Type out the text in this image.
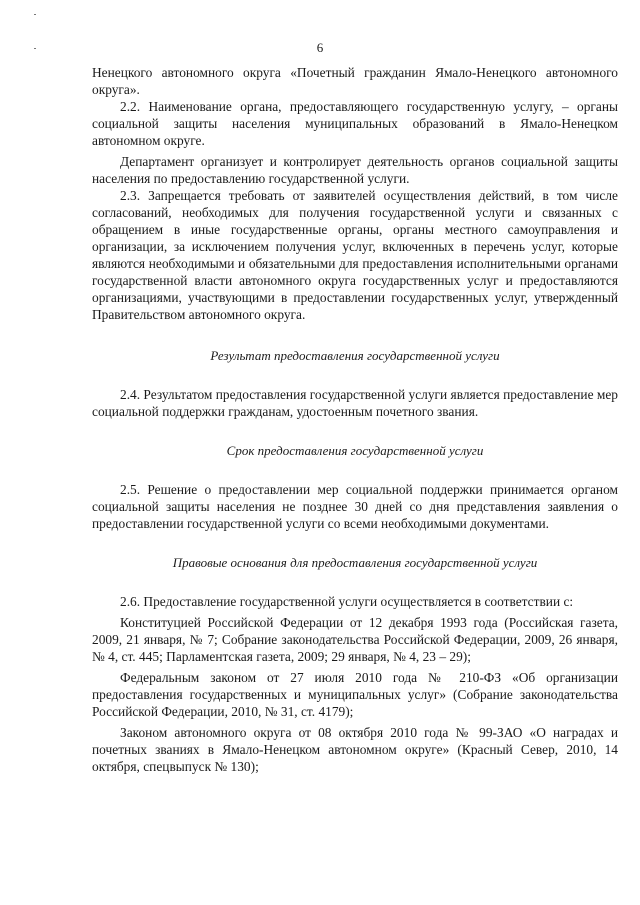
6

Ненецкого автономного округа «Почетный гражданин Ямало-Ненецкого автономного округа».

2.2. Наименование органа, предоставляющего государственную услугу, – органы социальной защиты населения муниципальных образований в Ямало-Ненецком автономном округе.

Департамент организует и контролирует деятельность органов социальной защиты населения по предоставлению государственной услуги.

2.3. Запрещается требовать от заявителей осуществления действий, в том числе согласований, необходимых для получения государственной услуги и связанных с обращением в иные государственные органы, органы местного самоуправления и организации, за исключением получения услуг, включенных в перечень услуг, которые являются необходимыми и обязательными для предоставления исполнительными органами государственной власти автономного округа государственных услуг и предоставляются организациями, участвующими в предоставлении государственных услуг, утвержденный Правительством автономного округа.

Результат предоставления государственной услуги

2.4. Результатом предоставления государственной услуги является предоставление мер социальной поддержки гражданам, удостоенным почетного звания.

Срок предоставления государственной услуги

2.5. Решение о предоставлении мер социальной поддержки принимается органом социальной защиты населения не позднее 30 дней со дня представления заявления о предоставлении государственной услуги со всеми необходимыми документами.

Правовые основания для предоставления государственной услуги

2.6. Предоставление государственной услуги осуществляется в соответствии с:

Конституцией Российской Федерации от 12 декабря 1993 года (Российская газета, 2009, 21 января, № 7; Собрание законодательства Российской Федерации, 2009, 26 января, № 4, ст. 445; Парламентская газета, 2009; 29 января, № 4, 23 – 29);

Федеральным законом от 27 июля 2010 года № 210-ФЗ «Об организации предоставления государственных и муниципальных услуг» (Собрание законодательства Российской Федерации, 2010, № 31, ст. 4179);

Законом автономного округа от 08 октября 2010 года № 99-ЗАО «О наградах и почетных званиях в Ямало-Ненецком автономном округе» (Красный Север, 2010, 14 октября, спецвыпуск № 130);
